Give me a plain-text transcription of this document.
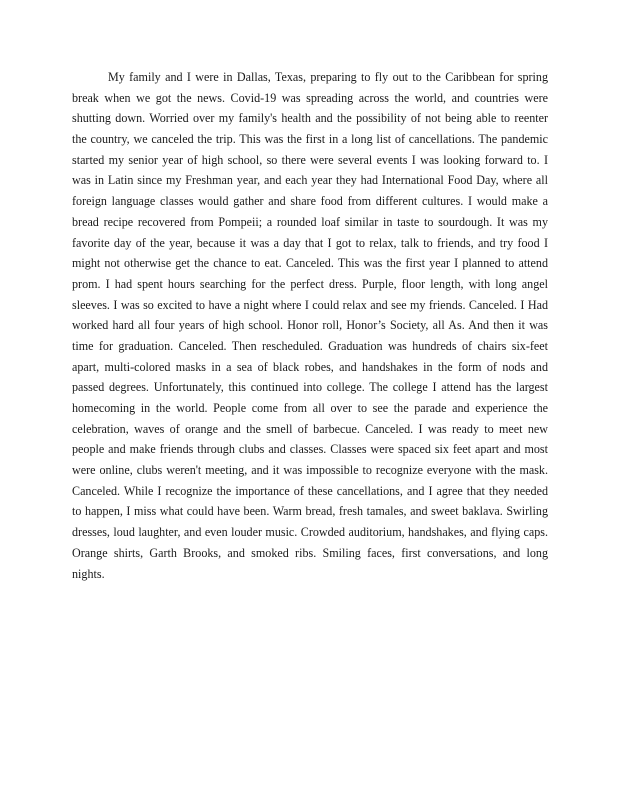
My family and I were in Dallas, Texas, preparing to fly out to the Caribbean for spring
break when we got the news. Covid-19 was spreading across the world, and countries were
shutting down. Worried over my family's health and the possibility of not being able to reenter
the country, we canceled the trip. This was the first in a long list of cancellations. The pandemic
started my senior year of high school, so there were several events I was looking forward to. I
was in Latin since my Freshman year, and each year they had International Food Day, where all
foreign language classes would gather and share food from different cultures. I would make a
bread recipe recovered from Pompeii; a rounded loaf similar in taste to sourdough. It was my
favorite day of the year, because it was a day that I got to relax, talk to friends, and try food I
might not otherwise get the chance to eat. Canceled. This was the first year I planned to attend
prom. I had spent hours searching for the perfect dress. Purple, floor length, with long angel
sleeves. I was so excited to have a night where I could relax and see my friends. Canceled. I Had
worked hard all four years of high school. Honor roll, Honor’s Society, all As. And then it was
time for graduation. Canceled. Then rescheduled. Graduation was hundreds of chairs six-feet
apart, multi-colored masks in a sea of black robes, and handshakes in the form of nods and
passed degrees. Unfortunately, this continued into college. The college I attend has the largest
homecoming in the world. People come from all over to see the parade and experience the
celebration, waves of orange and the smell of barbecue. Canceled. I was ready to meet new
people and make friends through clubs and classes. Classes were spaced six feet apart and most
were online, clubs weren't meeting, and it was impossible to recognize everyone with the mask.
Canceled. While I recognize the importance of these cancellations, and I agree that they needed
to happen, I miss what could have been. Warm bread, fresh tamales, and sweet baklava. Swirling
dresses, loud laughter, and even louder music. Crowded auditorium, handshakes, and flying caps.
Orange shirts, Garth Brooks, and smoked ribs. Smiling faces, first conversations, and long
nights.
